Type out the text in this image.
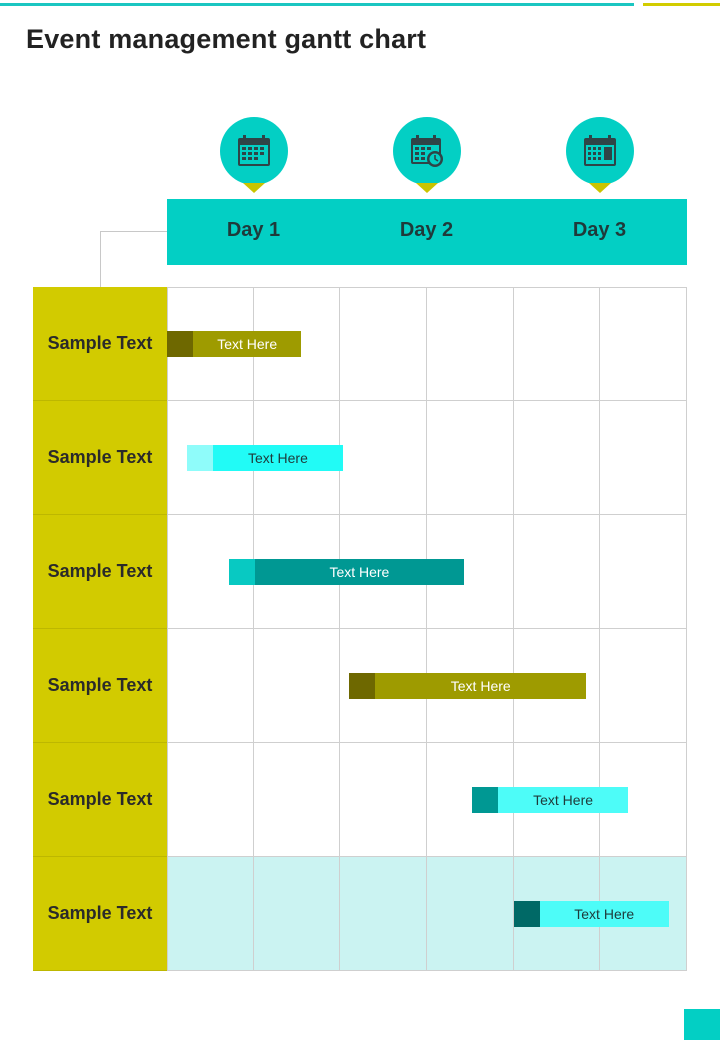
Event management gantt chart
Day 1	Day 2	Day 3
Sample Text	Text Here
Sample Text	Text Here
Sample Text	Text Here
Sample Text	Text Here
Sample Text	Text Here
Sample Text	Text Here
